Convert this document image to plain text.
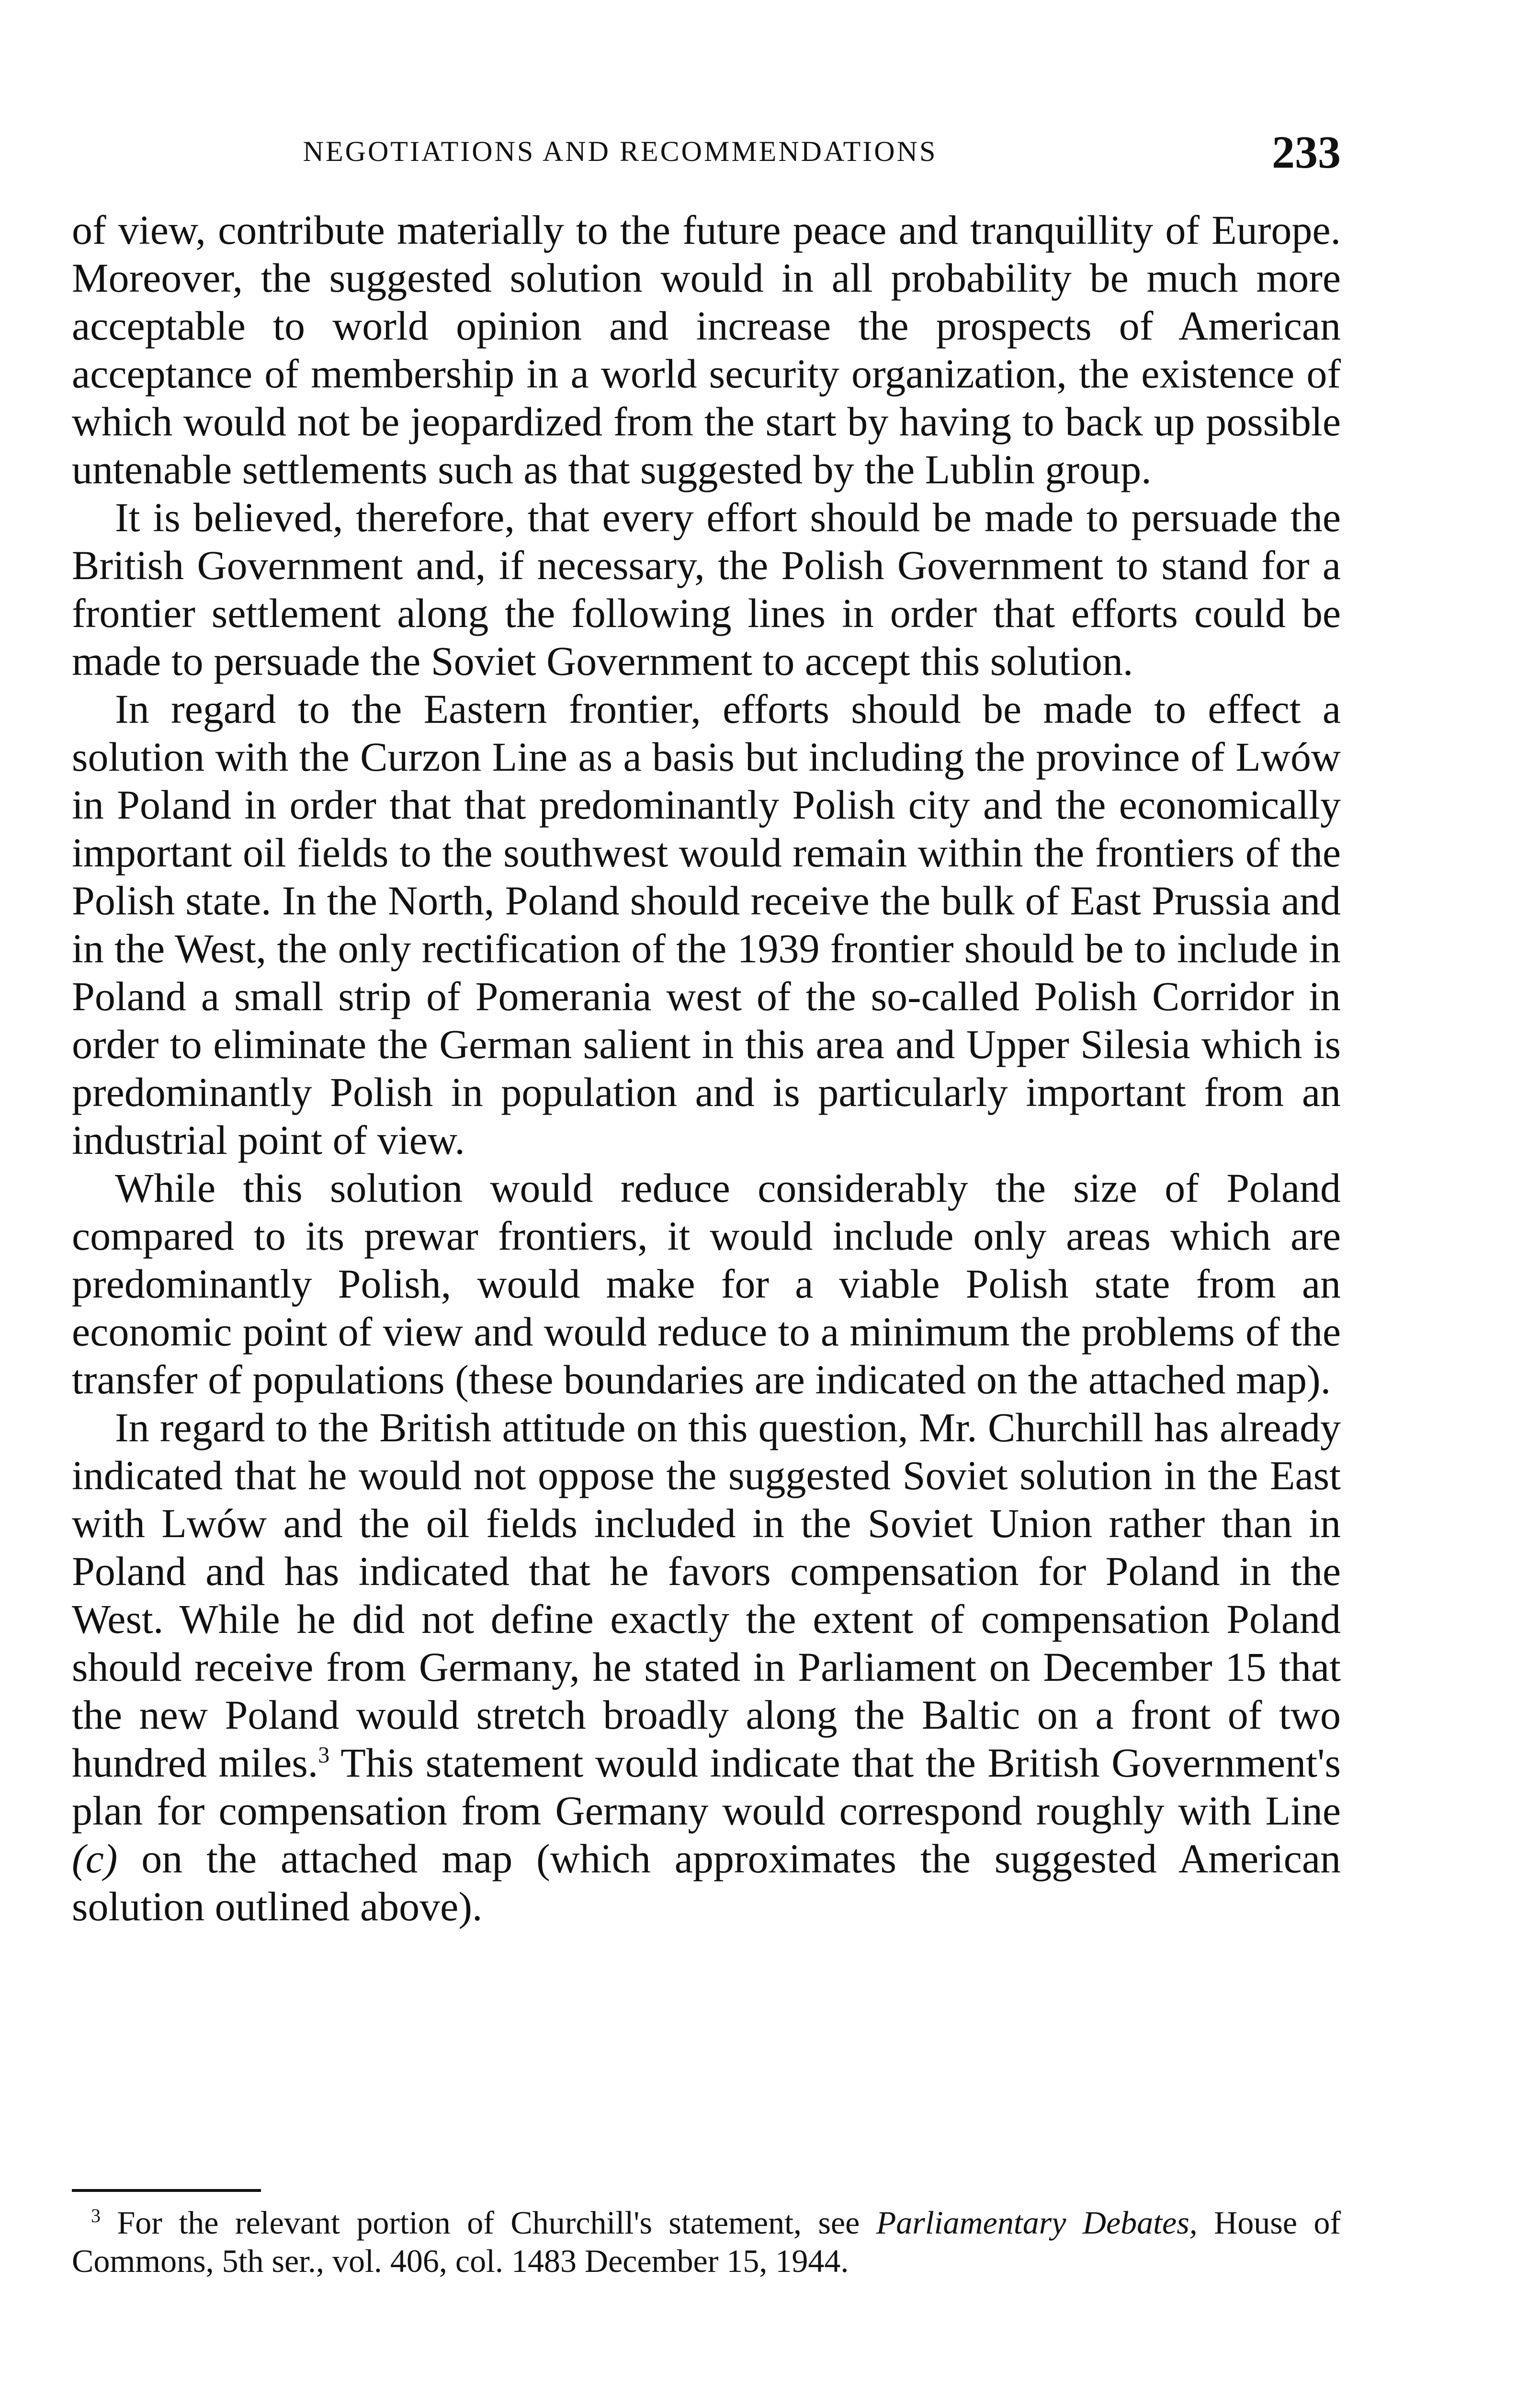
NEGOTIATIONS AND RECOMMENDATIONS	233

of view, contribute materially to the future peace and tranquillity of Europe. Moreover, the suggested solution would in all probability be much more acceptable to world opinion and increase the prospects of American acceptance of membership in a world security organization, the existence of which would not be jeopardized from the start by having to back up possible untenable settlements such as that suggested by the Lublin group.

It is believed, therefore, that every effort should be made to persuade the British Government and, if necessary, the Polish Government to stand for a frontier settlement along the following lines in order that efforts could be made to persuade the Soviet Government to accept this solution.

In regard to the Eastern frontier, efforts should be made to effect a solution with the Curzon Line as a basis but including the province of Lwów in Poland in order that that predominantly Polish city and the economically important oil fields to the southwest would remain within the frontiers of the Polish state. In the North, Poland should receive the bulk of East Prussia and in the West, the only rectification of the 1939 frontier should be to include in Poland a small strip of Pomerania west of the so-called Polish Corridor in order to eliminate the German salient in this area and Upper Silesia which is predominantly Polish in population and is particularly important from an industrial point of view.

While this solution would reduce considerably the size of Poland compared to its prewar frontiers, it would include only areas which are predominantly Polish, would make for a viable Polish state from an economic point of view and would reduce to a minimum the problems of the transfer of populations (these boundaries are indicated on the attached map).

In regard to the British attitude on this question, Mr. Churchill has already indicated that he would not oppose the suggested Soviet solution in the East with Lwów and the oil fields included in the Soviet Union rather than in Poland and has indicated that he favors compensation for Poland in the West. While he did not define exactly the extent of compensation Poland should receive from Germany, he stated in Parliament on December 15 that the new Poland would stretch broadly along the Baltic on a front of two hundred miles.$^3$ This statement would indicate that the British Government's plan for compensation from Germany would correspond roughly with Line (c) on the attached map (which approximates the suggested American solution outlined above).

$^3$ For the relevant portion of Churchill's statement, see Parliamentary Debates, House of Commons, 5th ser., vol. 406, col. 1483 December 15, 1944.
